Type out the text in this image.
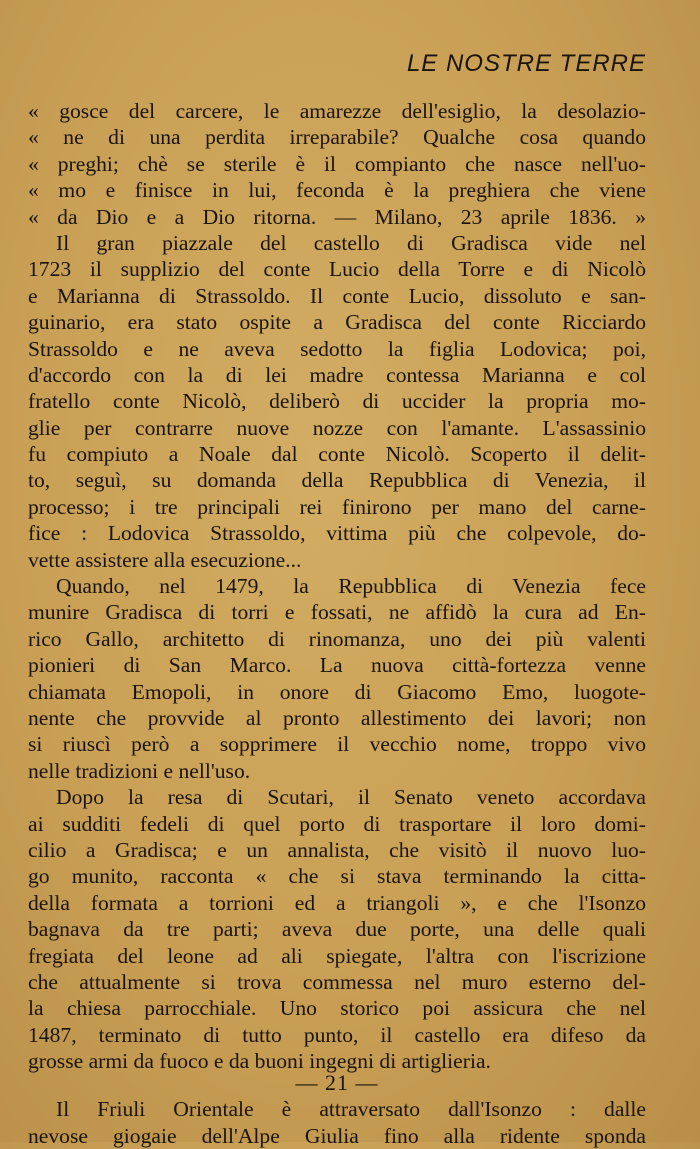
LE NOSTRE TERRE
« gosce del carcere, le amarezze dell'esiglio, la desolazio-
« ne di una perdita irreparabile? Qualche cosa quando
« preghi; chè se sterile è il compianto che nasce nell'uo-
« mo e finisce in lui, feconda è la preghiera che viene
« da Dio e a Dio ritorna. — Milano, 23 aprile 1836. »
Il gran piazzale del castello di Gradisca vide nel
1723 il supplizio del conte Lucio della Torre e di Nicolò
e Marianna di Strassoldo. Il conte Lucio, dissoluto e san-
guinario, era stato ospite a Gradisca del conte Ricciardo
Strassoldo e ne aveva sedotto la figlia Lodovica; poi,
d'accordo con la di lei madre contessa Marianna e col
fratello conte Nicolò, deliberò di uccider la propria mo-
glie per contrarre nuove nozze con l'amante. L'assassinio
fu compiuto a Noale dal conte Nicolò. Scoperto il delit-
to, seguì, su domanda della Repubblica di Venezia, il
processo; i tre principali rei finirono per mano del carne-
fice : Lodovica Strassoldo, vittima più che colpevole, do-
vette assistere alla esecuzione...
Quando, nel 1479, la Repubblica di Venezia fece
munire Gradisca di torri e fossati, ne affidò la cura ad En-
rico Gallo, architetto di rinomanza, uno dei più valenti
pionieri di San Marco. La nuova città-fortezza venne
chiamata Emopoli, in onore di Giacomo Emo, luogote-
nente che provvide al pronto allestimento dei lavori; non
si riuscì però a sopprimere il vecchio nome, troppo vivo
nelle tradizioni e nell'uso.
Dopo la resa di Scutari, il Senato veneto accordava
ai sudditi fedeli di quel porto di trasportare il loro domi-
cilio a Gradisca; e un annalista, che visitò il nuovo luo-
go munito, racconta « che si stava terminando la citta-
della formata a torrioni ed a triangoli », e che l'Isonzo
bagnava da tre parti; aveva due porte, una delle quali
fregiata del leone ad ali spiegate, l'altra con l'iscrizione
che attualmente si trova commessa nel muro esterno del-
la chiesa parrocchiale. Uno storico poi assicura che nel
1487, terminato di tutto punto, il castello era difeso da
grosse armi da fuoco e da buoni ingegni di artiglieria.
Il Friuli Orientale è attraversato dall'Isonzo : dalle
nevose giogaie dell'Alpe Giulia fino alla ridente sponda
— 21 —
